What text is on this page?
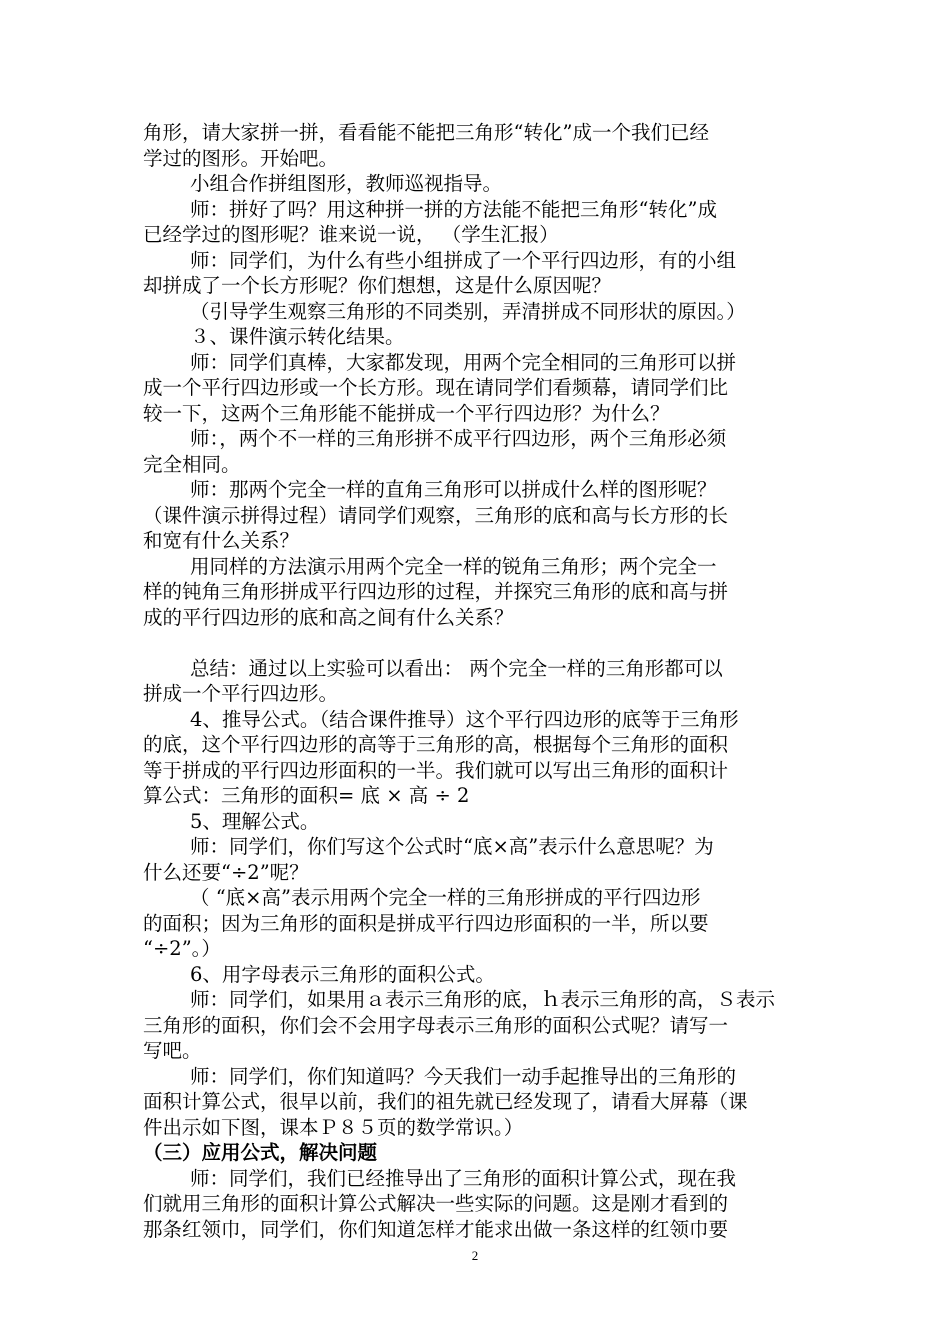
角形，请大家拼一拼，看看能不能把三角形“转化”成一个我们已经
学过的图形。开始吧。
小组合作拼组图形，教师巡视指导。
师：拼好了吗？用这种拼一拼的方法能不能把三角形“转化”成
已经学过的图形呢？谁来说一说， （学生汇报）
师：同学们，为什么有些小组拼成了一个平行四边形，有的小组
却拼成了一个长方形呢？你们想想，这是什么原因呢？
（引导学生观察三角形的不同类别，弄清拼成不同形状的原因。）
３、课件演示转化结果。
师：同学们真棒，大家都发现，用两个完全相同的三角形可以拼
成一个平行四边形或一个长方形。现在请同学们看频幕，请同学们比
较一下，这两个三角形能不能拼成一个平行四边形？为什么？
师：，两个不一样的三角形拼不成平行四边形，两个三角形必须
完全相同。
师：那两个完全一样的直角三角形可以拼成什么样的图形呢？
（课件演示拼得过程）请同学们观察，三角形的底和高与长方形的长
和宽有什么关系？
用同样的方法演示用两个完全一样的锐角三角形；两个完全一
样的钝角三角形拼成平行四边形的过程，并探究三角形的底和高与拼
成的平行四边形的底和高之间有什么关系？
总结：通过以上实验可以看出： 两个完全一样的三角形都可以
拼成一个平行四边形。
4、推导公式。（结合课件推导）这个平行四边形的底等于三角形
的底，这个平行四边形的高等于三角形的高，根据每个三角形的面积
等于拼成的平行四边形面积的一半。我们就可以写出三角形的面积计
算公式：三角形的面积= 底 × 高 ÷ 2
5、理解公式。
师：同学们，你们写这个公式时“底×高”表示什么意思呢？为
什么还要“÷2”呢？
（ “底×高”表示用两个完全一样的三角形拼成的平行四边形
的面积；因为三角形的面积是拼成平行四边形面积的一半，所以要
“÷2”。）
6、用字母表示三角形的面积公式。
师：同学们，如果用ａ表示三角形的底，ｈ表示三角形的高，Ｓ表示
三角形的面积，你们会不会用字母表示三角形的面积公式呢？请写一
写吧。
师：同学们，你们知道吗？今天我们一动手起推导出的三角形的
面积计算公式，很早以前，我们的祖先就已经发现了，请看大屏幕（课
件出示如下图，课本Ｐ８５页的数学常识。）
（三）应用公式，解决问题
师：同学们，我们已经推导出了三角形的面积计算公式，现在我
们就用三角形的面积计算公式解决一些实际的问题。这是刚才看到的
那条红领巾，同学们，你们知道怎样才能求出做一条这样的红领巾要
2
